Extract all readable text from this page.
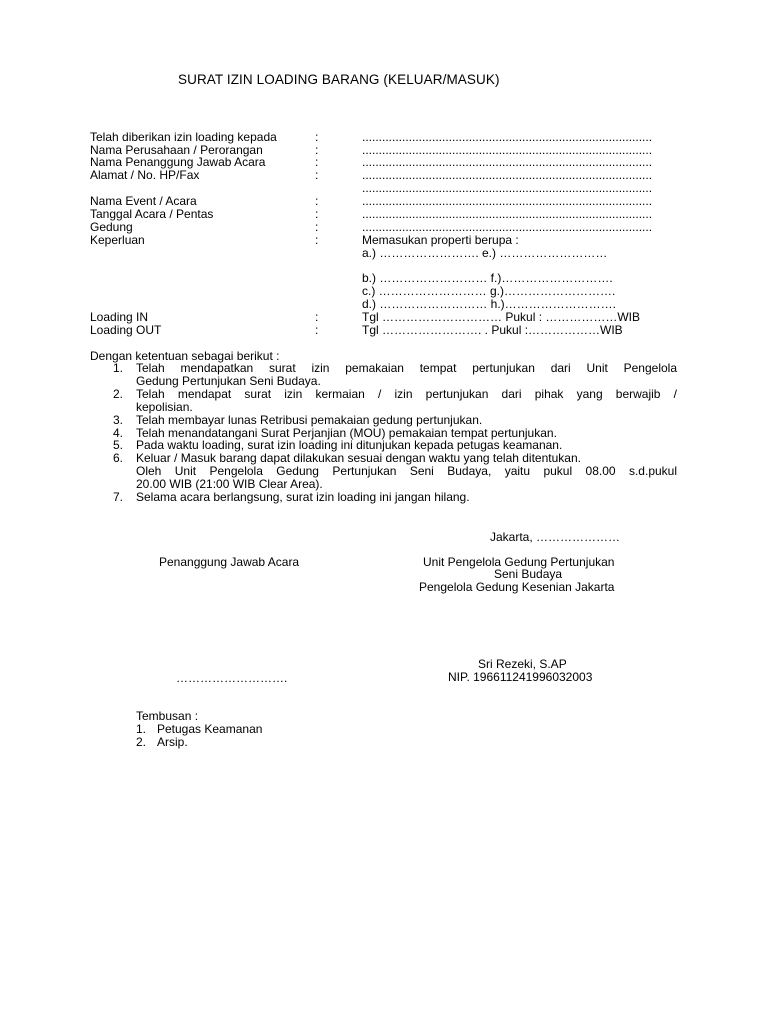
SURAT IZIN LOADING BARANG (KELUAR/MASUK)
Telah diberikan izin loading kepada	:	.......................................................................................
Nama Perusahaan / Perorangan	:	.......................................................................................
Nama Penanggung Jawab Acara	:	.......................................................................................
Alamat / No. HP/Fax	:	.......................................................................................
.......................................................................................
Nama Event / Acara	:	.......................................................................................
Tanggal Acara / Pentas	:	.......................................................................................
Gedung	:	.......................................................................................
Keperluan	:	Memasukan properti berupa :
a.) ……………………. e.) ………………………
b.) ……………………… f.)……………………….
c.) ……………………… g.)……………………….
d.) ……………………… h.)……………………….
Loading IN	:	Tgl ………………………… Pukul : ………………WIB
Loading OUT	:	Tgl ……………………. . Pukul :………………WIB
Dengan ketentuan sebagai berikut :
1. Telah mendapatkan surat izin pemakaian tempat pertunjukan dari Unit Pengelola
Gedung Pertunjukan Seni Budaya.
2. Telah mendapat surat izin kermaian / izin pertunjukan dari pihak yang berwajib /
kepolisian.
3. Telah membayar lunas Retribusi pemakaian gedung pertunjukan.
4. Telah menandatangani Surat Perjanjian (MOU) pemakaian tempat pertunjukan.
5. Pada waktu loading, surat izin loading ini ditunjukan kepada petugas keamanan.
6. Keluar / Masuk barang dapat dilakukan sesuai dengan waktu yang telah ditentukan.
Oleh Unit Pengelola Gedung Pertunjukan Seni Budaya, yaitu pukul 08.00 s.d.pukul
20.00 WIB (21:00 WIB Clear Area).
7. Selama acara berlangsung, surat izin loading ini jangan hilang.
Jakarta, …………………
Penanggung Jawab Acara
……………………….
Unit Pengelola Gedung Pertunjukan
Seni Budaya
Pengelola Gedung Kesenian Jakarta
Sri Rezeki, S.AP
NIP. 196611241996032003
Tembusan :
1. Petugas Keamanan
2. Arsip.
